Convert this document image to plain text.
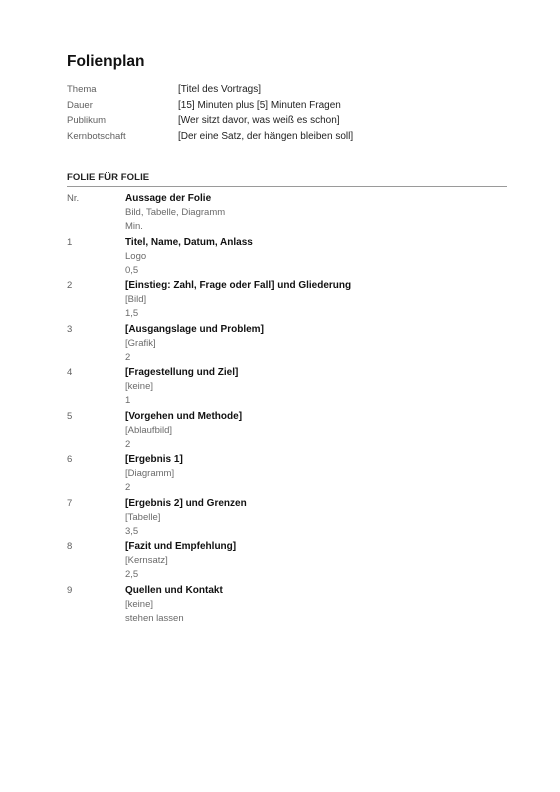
Folienplan
Thema	[Titel des Vortrags]
Dauer	[15] Minuten plus [5] Minuten Fragen
Publikum	[Wer sitzt davor, was weiß es schon]
Kernbotschaft	[Der eine Satz, der hängen bleiben soll]
FOLIE FÜR FOLIE
Nr.	Aussage der Folie
Bild, Tabelle, Diagramm
Min.
1	Titel, Name, Datum, Anlass
Logo
0,5
2	[Einstieg: Zahl, Frage oder Fall] und Gliederung
[Bild]
1,5
3	[Ausgangslage und Problem]
[Grafik]
2
4	[Fragestellung und Ziel]
[keine]
1
5	[Vorgehen und Methode]
[Ablaufbild]
2
6	[Ergebnis 1]
[Diagramm]
2
7	[Ergebnis 2] und Grenzen
[Tabelle]
3,5
8	[Fazit und Empfehlung]
[Kernsatz]
2,5
9	Quellen und Kontakt
[keine]
stehen lassen
